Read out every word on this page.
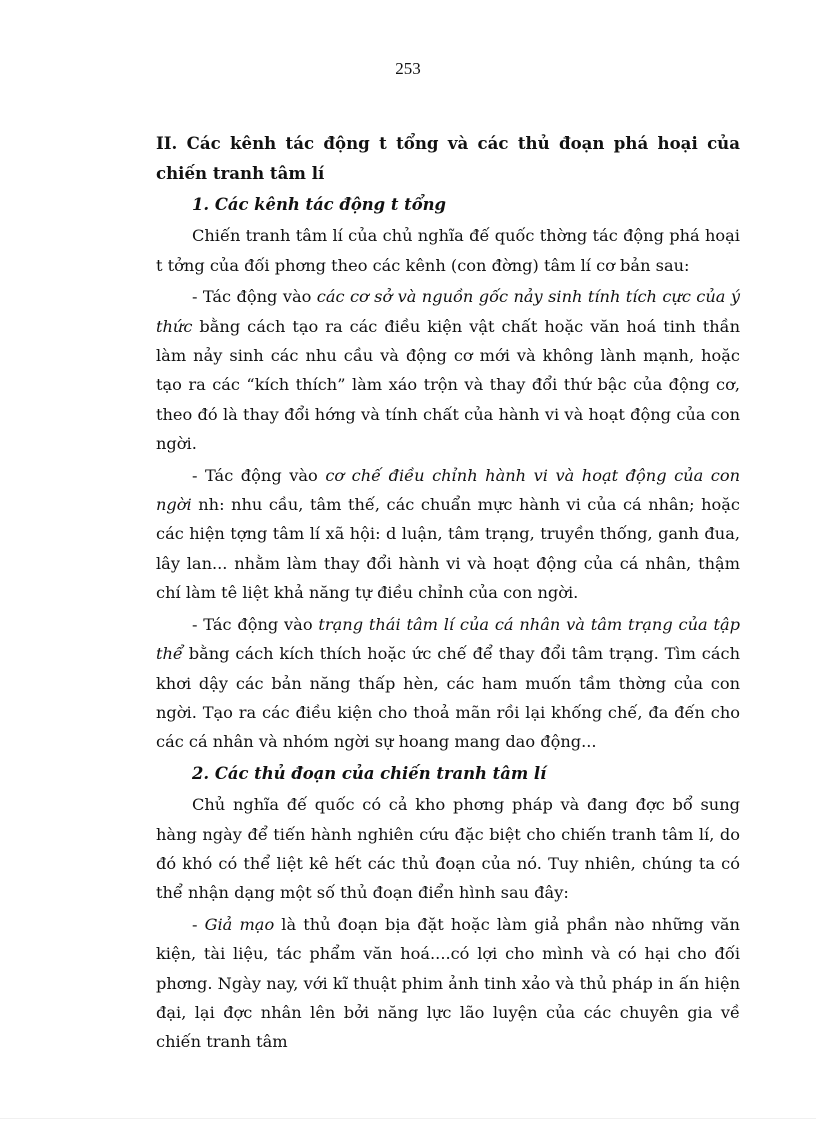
253
II. Các kênh tác động t tổng và các thủ đoạn phá hoại của chiến tranh tâm lí
1. Các kênh tác động t tổng

Chiến tranh tâm lí của chủ nghĩa đế quốc thờng tác động phá hoại t tởng của đối phơng theo các kênh (con đờng) tâm lí cơ bản sau:

- Tác động vào các cơ sở và nguồn gốc nảy sinh tính tích cực của ý thức bằng cách tạo ra các điều kiện vật chất hoặc văn hoá tinh thần làm nảy sinh các nhu cầu và động cơ mới và không lành mạnh, hoặc tạo ra các “kích thích” làm xáo trộn và thay đổi thứ bậc của động cơ, theo đó là thay đổi hớng và tính chất của hành vi và hoạt động của con ngời.

- Tác động vào cơ chế điều chỉnh hành vi và hoạt động của con ngời nh: nhu cầu, tâm thế, các chuẩn mực hành vi của cá nhân; hoặc các hiện tợng tâm lí xã hội: d luận, tâm trạng, truyền thống, ganh đua, lây lan... nhằm làm thay đổi hành vi và hoạt động của cá nhân, thậm chí làm tê liệt khả năng tự điều chỉnh của con ngời.

- Tác động vào trạng thái tâm lí của cá nhân và tâm trạng của tập thể bằng cách kích thích hoặc ức chế để thay đổi tâm trạng. Tìm cách khơi dậy các bản năng thấp hèn, các ham muốn tầm thờng của con ngời. Tạo ra các điều kiện cho thoả mãn rồi lại khống chế, đa đến cho các cá nhân và nhóm ngời sự hoang mang dao động...

2. Các thủ đoạn của chiến tranh tâm lí

Chủ nghĩa đế quốc có cả kho phơng pháp và đang đợc bổ sung hàng ngày để tiến hành nghiên cứu đặc biệt cho chiến tranh tâm lí, do đó khó có thể liệt kê hết các thủ đoạn của nó. Tuy nhiên, chúng ta có thể nhận dạng một số thủ đoạn điển hình sau đây:

- Giả mạo là thủ đoạn bịa đặt hoặc làm giả phần nào những văn kiện, tài liệu, tác phẩm văn hoá....có lợi cho mình và có hại cho đối phơng. Ngày nay, với kĩ thuật phim ảnh tinh xảo và thủ pháp in ấn hiện đại, lại đợc nhân lên bởi năng lực lão luyện của các chuyên gia về chiến tranh tâm
